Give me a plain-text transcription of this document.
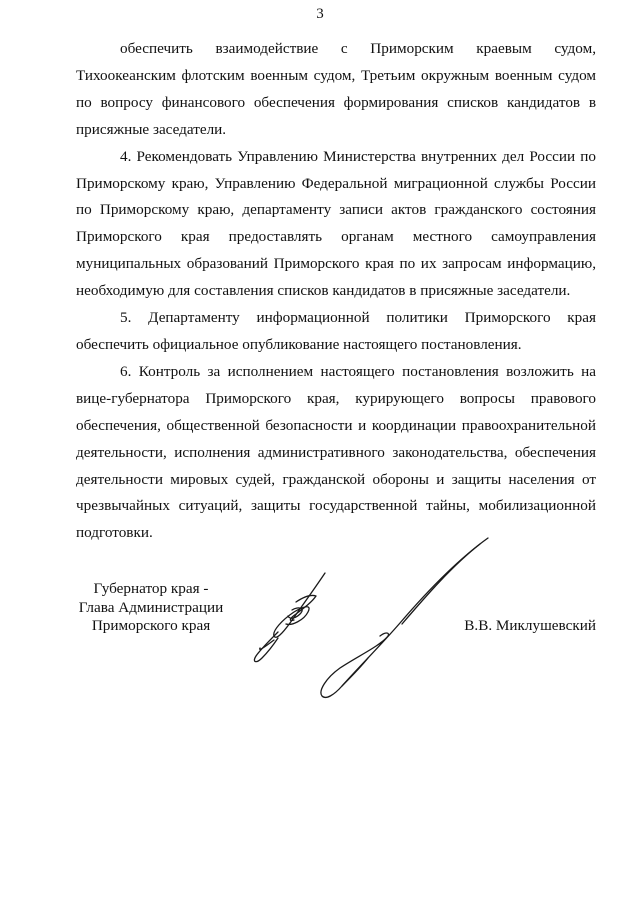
3

обеспечить взаимодействие с Приморским краевым судом, Тихоокеанским флотским военным судом, Третьим окружным военным судом по вопросу финансового обеспечения формирования списков кандидатов в присяжные заседатели.

4. Рекомендовать Управлению Министерства внутренних дел России по Приморскому краю, Управлению Федеральной миграционной службы России по Приморскому краю, департаменту записи актов гражданского состояния Приморского края предоставлять органам местного самоуправления муниципальных образований Приморского края по их запросам информацию, необходимую для составления списков кандидатов в присяжные заседатели.

5. Департаменту информационной политики Приморского края обеспечить официальное опубликование настоящего постановления.

6. Контроль за исполнением настоящего постановления возложить на вице-губернатора Приморского края, курирующего вопросы правового обеспечения, общественной безопасности и координации правоохранительной деятельности, исполнения административного законодательства, обеспечения деятельности мировых судей, гражданской обороны и защиты населения от чрезвычайных ситуаций, защиты государственной тайны, мобилизационной подготовки.

Губернатор края -
Глава Администрации
Приморского края	В.В. Миклушевский
